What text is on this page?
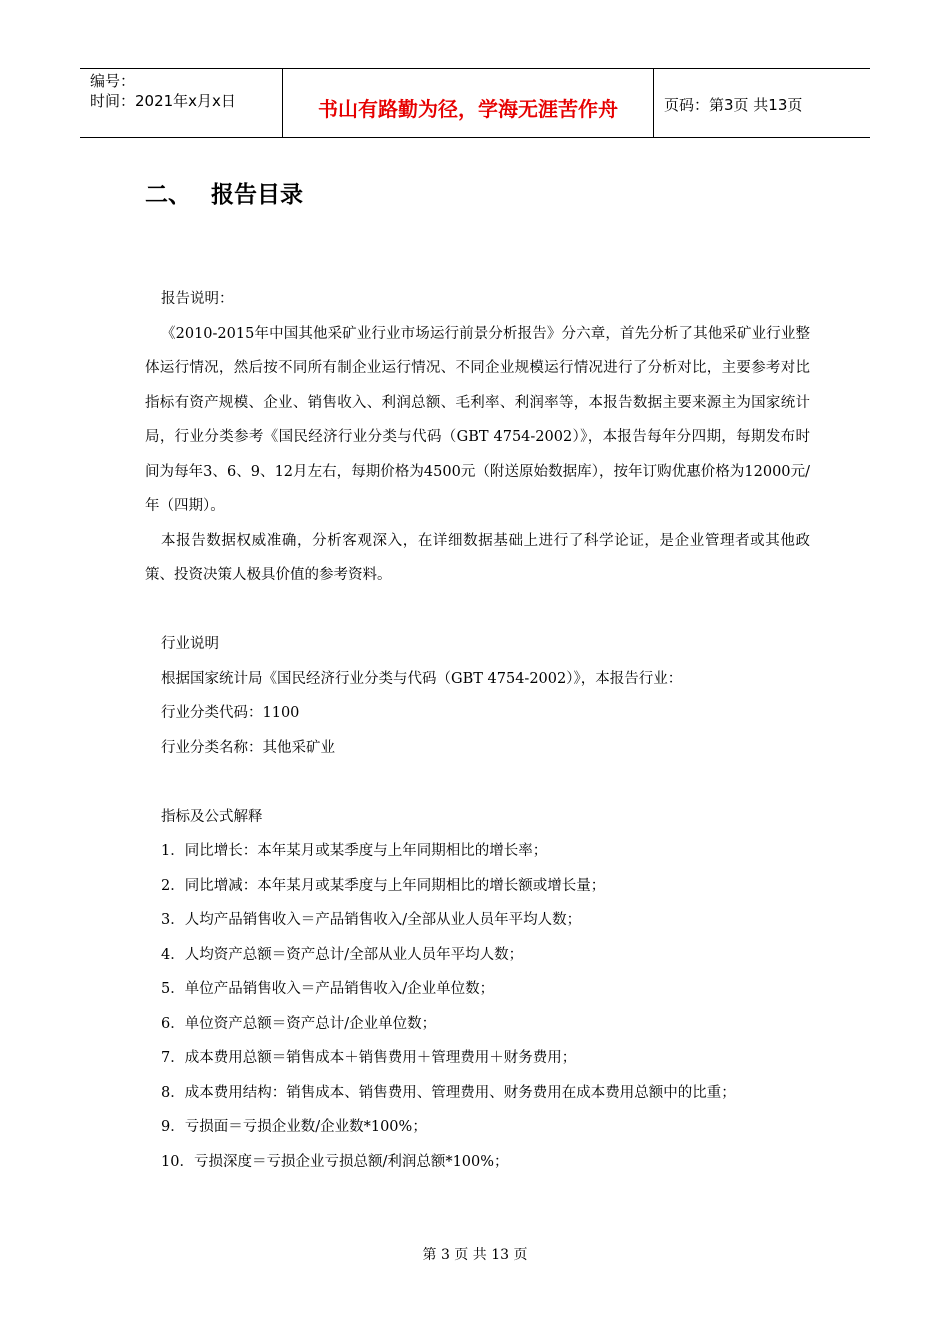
编号：
时间：2021年x月x日	书山有路勤为径，学海无涯苦作舟	页码：第3页 共13页
二、 报告目录

报告说明：

《2010-2015年中国其他采矿业行业市场运行前景分析报告》分六章，首先分析了其他采矿业行业整体运行情况，然后按不同所有制企业运行情况、不同企业规模运行情况进行了分析对比，主要参考对比指标有资产规模、企业、销售收入、利润总额、毛利率、利润率等，本报告数据主要来源主为国家统计局，行业分类参考《国民经济行业分类与代码（GBT 4754-2002）》，本报告每年分四期，每期发布时间为每年3、6、9、12月左右，每期价格为4500元（附送原始数据库），按年订购优惠价格为12000元/年（四期）。

本报告数据权威准确，分析客观深入，在详细数据基础上进行了科学论证，是企业管理者或其他政策、投资决策人极具价值的参考资料。

行业说明

根据国家统计局《国民经济行业分类与代码（GBT 4754-2002）》，本报告行业：

行业分类代码：1100

行业分类名称：其他采矿业

指标及公式解释

1．同比增长：本年某月或某季度与上年同期相比的增长率；

2．同比增减：本年某月或某季度与上年同期相比的增长额或增长量；

3．人均产品销售收入＝产品销售收入/全部从业人员年平均人数；

4．人均资产总额＝资产总计/全部从业人员年平均人数；

5．单位产品销售收入＝产品销售收入/企业单位数；

6．单位资产总额＝资产总计/企业单位数；

7．成本费用总额＝销售成本＋销售费用＋管理费用＋财务费用；

8．成本费用结构：销售成本、销售费用、管理费用、财务费用在成本费用总额中的比重；

9．亏损面＝亏损企业数/企业数*100%；

10．亏损深度＝亏损企业亏损总额/利润总额*100%；

第 3 页 共 13 页
